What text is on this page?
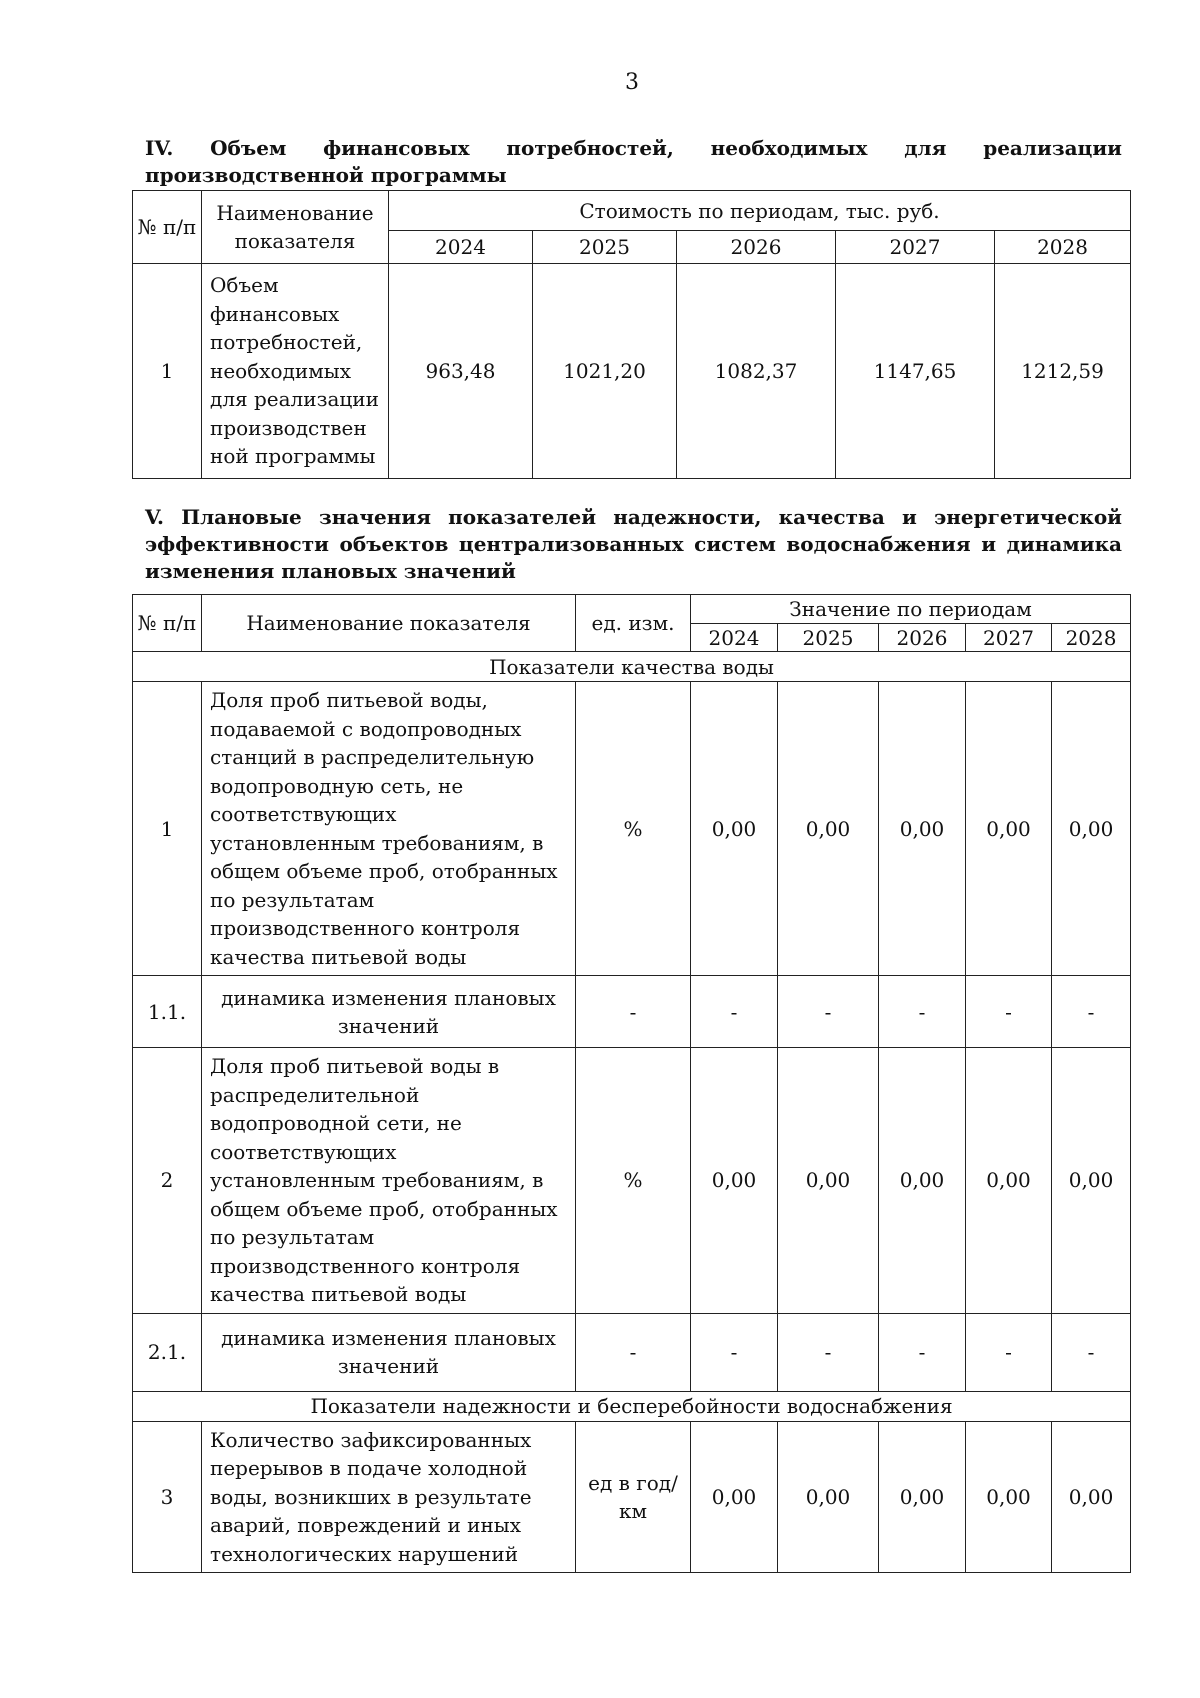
3
IV. Объем финансовых потребностей, необходимых для реализации производственной программы
№ п/п	Наименование показателя	Стоимость по периодам, тыс. руб.				
		2024	2025	2026	2027	2028
1	Объем финансовых потребностей, необходимых для реализации производствен ной программы	963,48	1021,20	1082,37	1147,65	1212,59
V. Плановые значения показателей надежности, качества и энергетической эффективности объектов централизованных систем водоснабжения и динамика изменения плановых значений
№ п/п	Наименование показателя	ед. изм.	Значение по периодам				
			2024	2025	2026	2027	2028
Показатели качества воды							
1	Доля проб питьевой воды, подаваемой с водопроводных станций в распределительную водопроводную сеть, не соответствующих установленным требованиям, в общем объеме проб, отобранных по результатам производственного контроля качества питьевой воды	%	0,00	0,00	0,00	0,00	0,00
1.1.	динамика изменения плановых значений	-	-	-	-	-	-
2	Доля проб питьевой воды в распределительной водопроводной сети, не соответствующих установленным требованиям, в общем объеме проб, отобранных по результатам производственного контроля качества питьевой воды	%	0,00	0,00	0,00	0,00	0,00
2.1.	динамика изменения плановых значений	-	-	-	-	-	-
Показатели надежности и бесперебойности водоснабжения							
3	Количество зафиксированных перерывов в подаче холодной воды, возникших в результате аварий, повреждений и иных технологических нарушений	ед в год/ км	0,00	0,00	0,00	0,00	0,00
